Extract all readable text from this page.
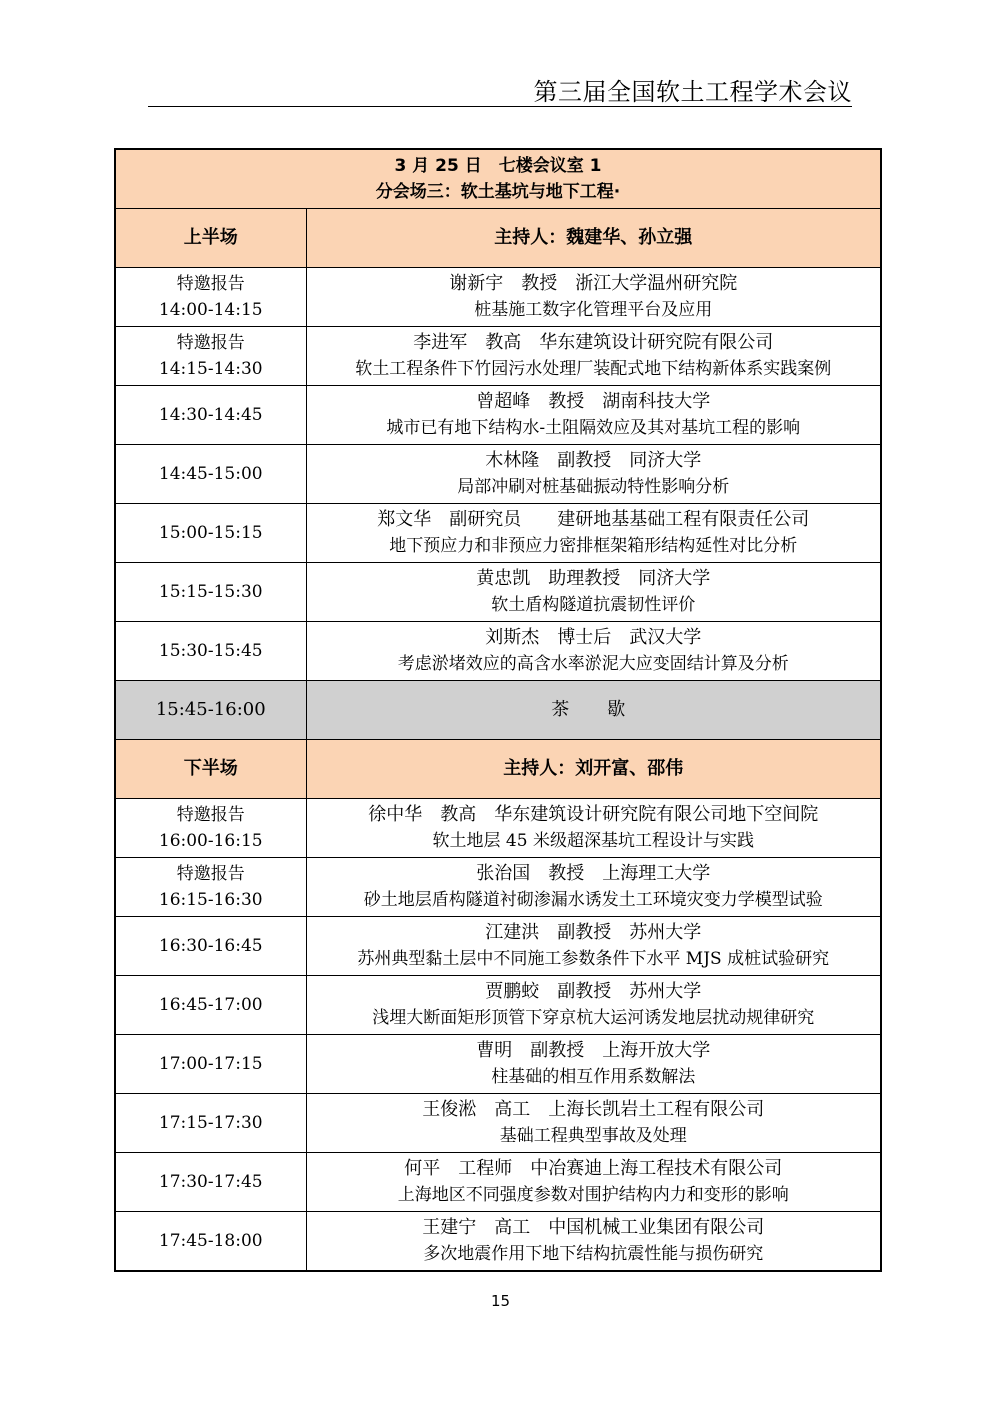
第三届全国软土工程学术会议
3 月 25 日　七楼会议室 1
分会场三：软土基坑与地下工程·	

上半场	主持人：魏建华、孙立强

特邀报告
14:00-14:15	谢新宇　教授　浙江大学温州研究院
桩基施工数字化管理平台及应用

特邀报告
14:15-14:30	李进军　教高　华东建筑设计研究院有限公司
软土工程条件下竹园污水处理厂装配式地下结构新体系实践案例

14:30-14:45	曾超峰　教授　湖南科技大学
城市已有地下结构水-土阻隔效应及其对基坑工程的影响

14:45-15:00	木林隆　副教授　同济大学
局部冲刷对桩基础振动特性影响分析

15:00-15:15	郑文华　副研究员　　建研地基基础工程有限责任公司
地下预应力和非预应力密排框架箱形结构延性对比分析

15:15-15:30	黄忠凯　助理教授　同济大学
软土盾构隧道抗震韧性评价

15:30-15:45	刘斯杰　博士后　武汉大学
考虑淤堵效应的高含水率淤泥大应变固结计算及分析

15:45-16:00	茶　歇
下半场	主持人：刘开富、邵伟

特邀报告
16:00-16:15	徐中华　教高　华东建筑设计研究院有限公司地下空间院
软土地层 45 米级超深基坑工程设计与实践

特邀报告
16:15-16:30	张治国　教授　上海理工大学
砂土地层盾构隧道衬砌渗漏水诱发土工环境灾变力学模型试验

16:30-16:45	江建洪　副教授　苏州大学
苏州典型黏土层中不同施工参数条件下水平 MJS 成桩试验研究

16:45-17:00	贾鹏蛟　副教授　苏州大学
浅埋大断面矩形顶管下穿京杭大运河诱发地层扰动规律研究

17:00-17:15	曹明　副教授　上海开放大学
柱基础的相互作用系数解法

17:15-17:30	王俊淞　高工　上海长凯岩土工程有限公司
基础工程典型事故及处理

17:30-17:45	何平　工程师　中冶赛迪上海工程技术有限公司
上海地区不同强度参数对围护结构内力和变形的影响

17:45-18:00	王建宁　高工　中国机械工业集团有限公司
多次地震作用下地下结构抗震性能与损伤研究
15
